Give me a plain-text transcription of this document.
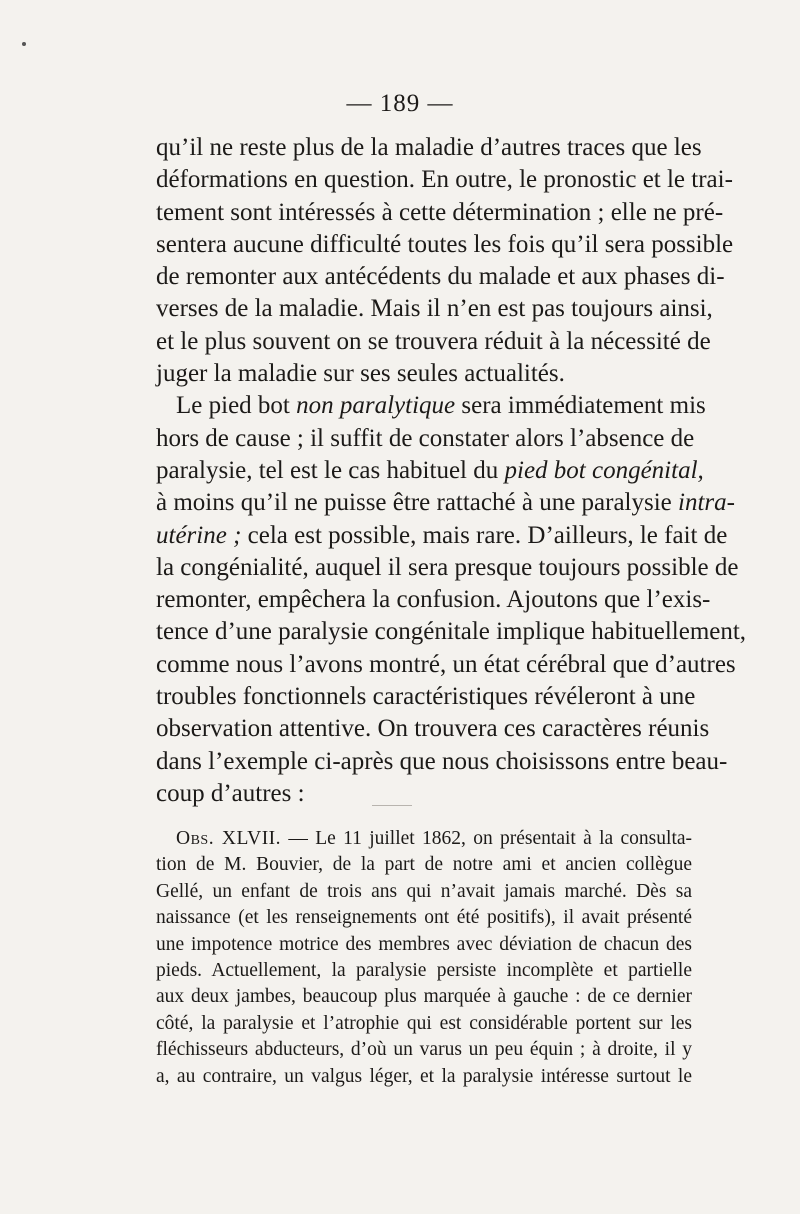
— 189 —
qu’il ne reste plus de la maladie d’autres traces que les
déformations en question. En outre, le pronostic et le trai-
tement sont intéressés à cette détermination ; elle ne pré-
sentera aucune difficulté toutes les fois qu’il sera possible
de remonter aux antécédents du malade et aux phases di-
verses de la maladie. Mais il n’en est pas toujours ainsi,
et le plus souvent on se trouvera réduit à la nécessité de
juger la maladie sur ses seules actualités.
Le pied bot non paralytique sera immédiatement mis
hors de cause ; il suffit de constater alors l’absence de
paralysie, tel est le cas habituel du pied bot congénital,
à moins qu’il ne puisse être rattaché à une paralysie intra-
utérine ; cela est possible, mais rare. D’ailleurs, le fait de
la congénialité, auquel il sera presque toujours possible de
remonter, empêchera la confusion. Ajoutons que l’exis-
tence d’une paralysie congénitale implique habituellement,
comme nous l’avons montré, un état cérébral que d’autres
troubles fonctionnels caractéristiques révéleront à une
observation attentive. On trouvera ces caractères réunis
dans l’exemple ci-après que nous choisissons entre beau-
coup d’autres :
Obs. XLVII. — Le 11 juillet 1862, on présentait à la consulta-
tion de M. Bouvier, de la part de notre ami et ancien collègue
Gellé, un enfant de trois ans qui n’avait jamais marché. Dès sa
naissance (et les renseignements ont été positifs), il avait présenté
une impotence motrice des membres avec déviation de chacun des
pieds. Actuellement, la paralysie persiste incomplète et partielle
aux deux jambes, beaucoup plus marquée à gauche : de ce dernier
côté, la paralysie et l’atrophie qui est considérable portent sur les
fléchisseurs abducteurs, d’où un varus un peu équin ; à droite, il y
a, au contraire, un valgus léger, et la paralysie intéresse surtout le
